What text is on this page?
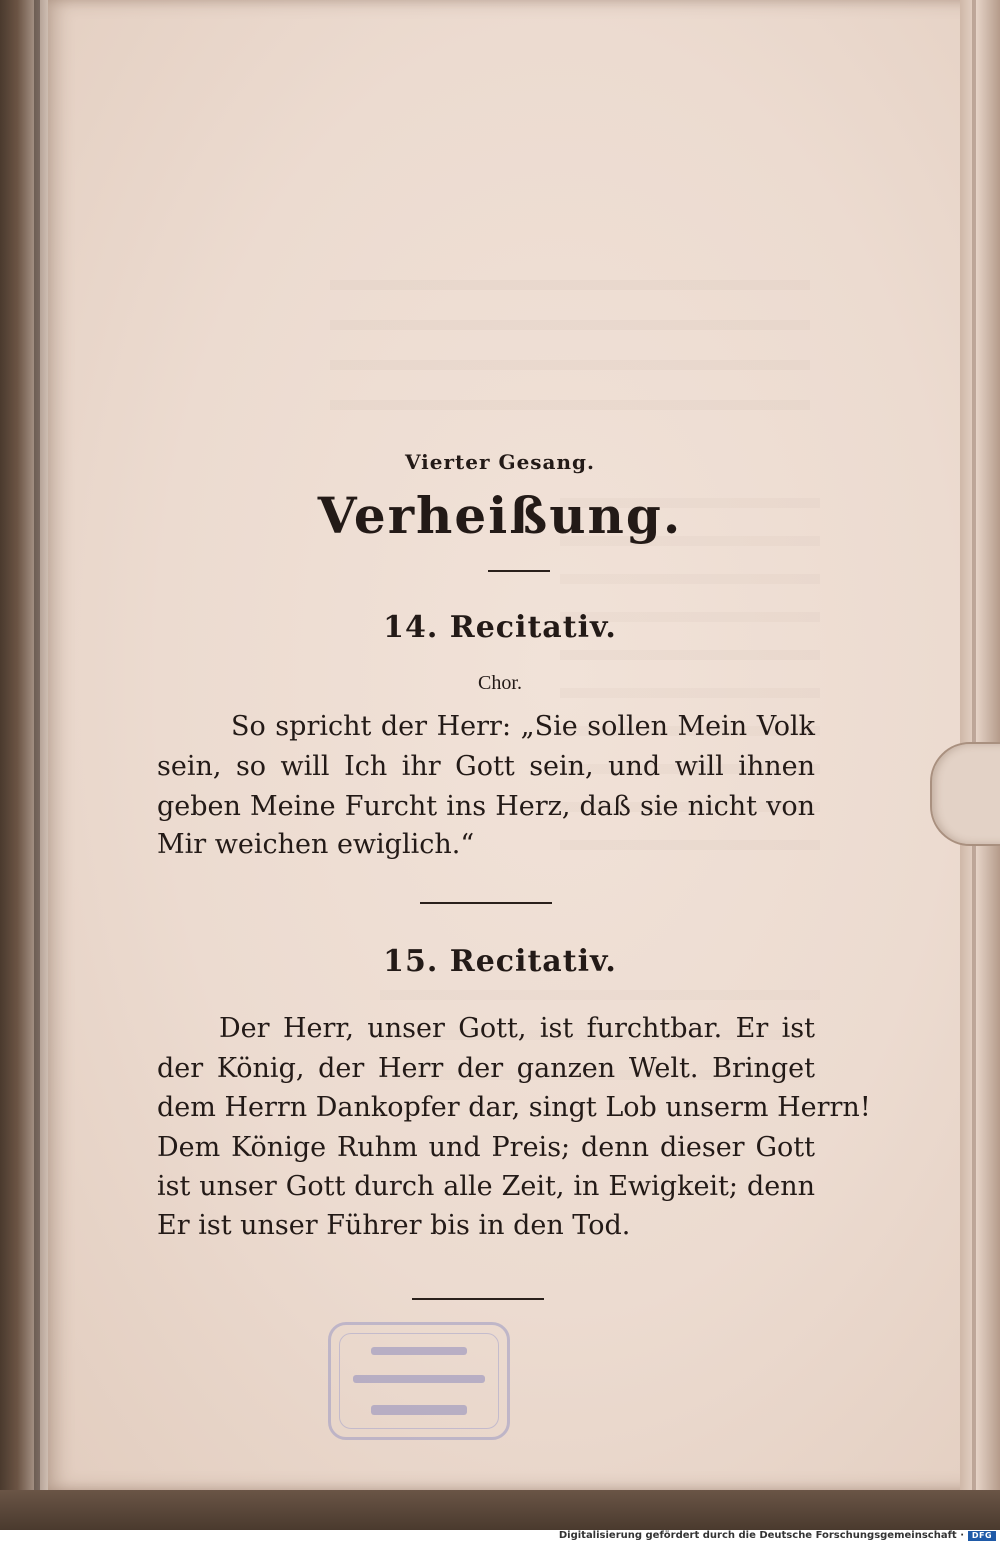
Vierter Gesang.
Verheißung.
14. Recitativ.
Chor.
So spricht der Herr: „Sie sollen Mein Volk
sein, so will Ich ihr Gott sein, und will ihnen
geben Meine Furcht ins Herz, daß sie nicht von
Mir weichen ewiglich.“
15. Recitativ.
Der Herr, unser Gott, ist furchtbar. Er ist
der König, der Herr der ganzen Welt. Bringet
dem Herrn Dankopfer dar, singt Lob unserm Herrn!
Dem Könige Ruhm und Preis; denn dieser Gott
ist unser Gott durch alle Zeit, in Ewigkeit; denn
Er ist unser Führer bis in den Tod.
Digitalisierung gefördert durch die Deutsche Forschungsgemeinschaft · DFG
